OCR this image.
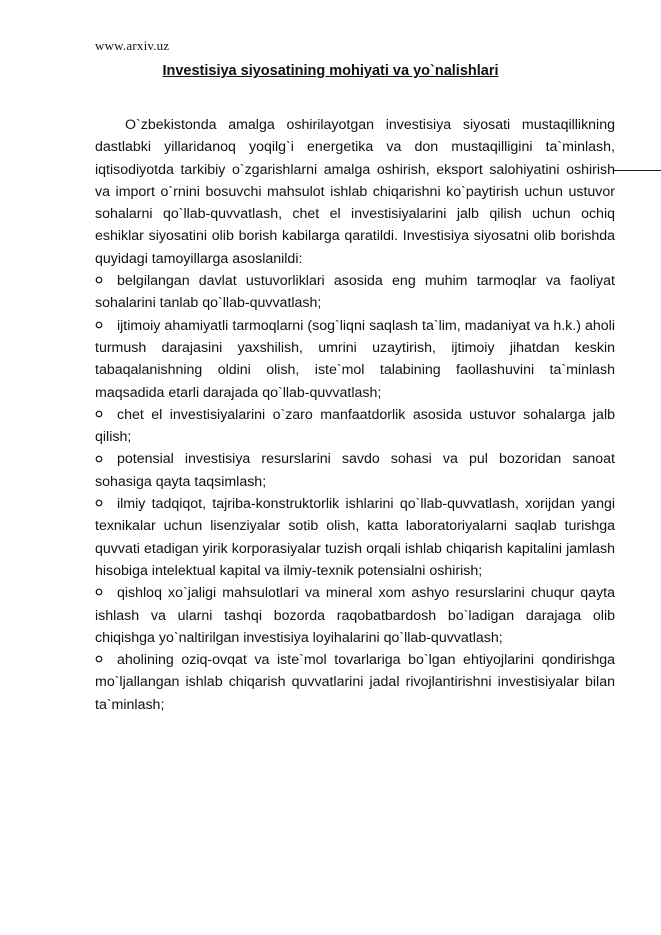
www.arxiv.uz
Investisiya siyosatining mohiyati va yo`nalishlari

O`zbekistonda amalga oshirilayotgan investisiya siyosati mustaqillikning dastlabki yillaridanoq yoqilg`i energetika va don mustaqilligini ta`minlash, iqtisodiyotda tarkibiy o`zgarishlarni amalga oshirish, eksport salohiyatini oshirish va import o`rnini bosuvchi mahsulot ishlab chiqarishni ko`paytirish uchun ustuvor sohalarni qo`llab-quvvatlash, chet el investisiyalarini jalb qilish uchun ochiq eshiklar siyosatini olib borish kabilarga qaratildi. Investisiya siyosatni olib borishda quyidagi tamoyillarga asoslanildi:

belgilangan davlat ustuvorliklari asosida eng muhim tarmoqlar va faoliyat sohalarini tanlab qo`llab-quvvatlash;

ijtimoiy ahamiyatli tarmoqlarni (sog`liqni saqlash ta`lim, madaniyat va h.k.) aholi turmush darajasini yaxshilish, umrini uzaytirish, ijtimoiy jihatdan keskin tabaqalanishning oldini olish, iste`mol talabining faollashuvini ta`minlash maqsadida etarli darajada qo`llab-quvvatlash;

chet el investisiyalarini o`zaro manfaatdorlik asosida ustuvor sohalarga jalb qilish;

potensial investisiya resurslarini savdo sohasi va pul bozoridan sanoat sohasiga qayta taqsimlash;

ilmiy tadqiqot, tajriba-konstruktorlik ishlarini qo`llab-quvvatlash, xorijdan yangi texnikalar uchun lisenziyalar sotib olish, katta laboratoriyalarni saqlab turishga quvvati etadigan yirik korporasiyalar tuzish orqali ishlab chiqarish kapitalini jamlash hisobiga intelektual kapital va ilmiy-texnik potensialni oshirish;

qishloq xo`jaligi mahsulotlari va mineral xom ashyo resurslarini chuqur qayta ishlash va ularni tashqi bozorda raqobatbardosh bo`ladigan darajaga olib chiqishga yo`naltirilgan investisiya loyihalarini qo`llab-quvvatlash;

aholining oziq-ovqat va iste`mol tovarlariga bo`lgan ehtiyojlarini qondirishga mo`ljallangan ishlab chiqarish quvvatlarini jadal rivojlantirishni investisiyalar bilan ta`minlash;
